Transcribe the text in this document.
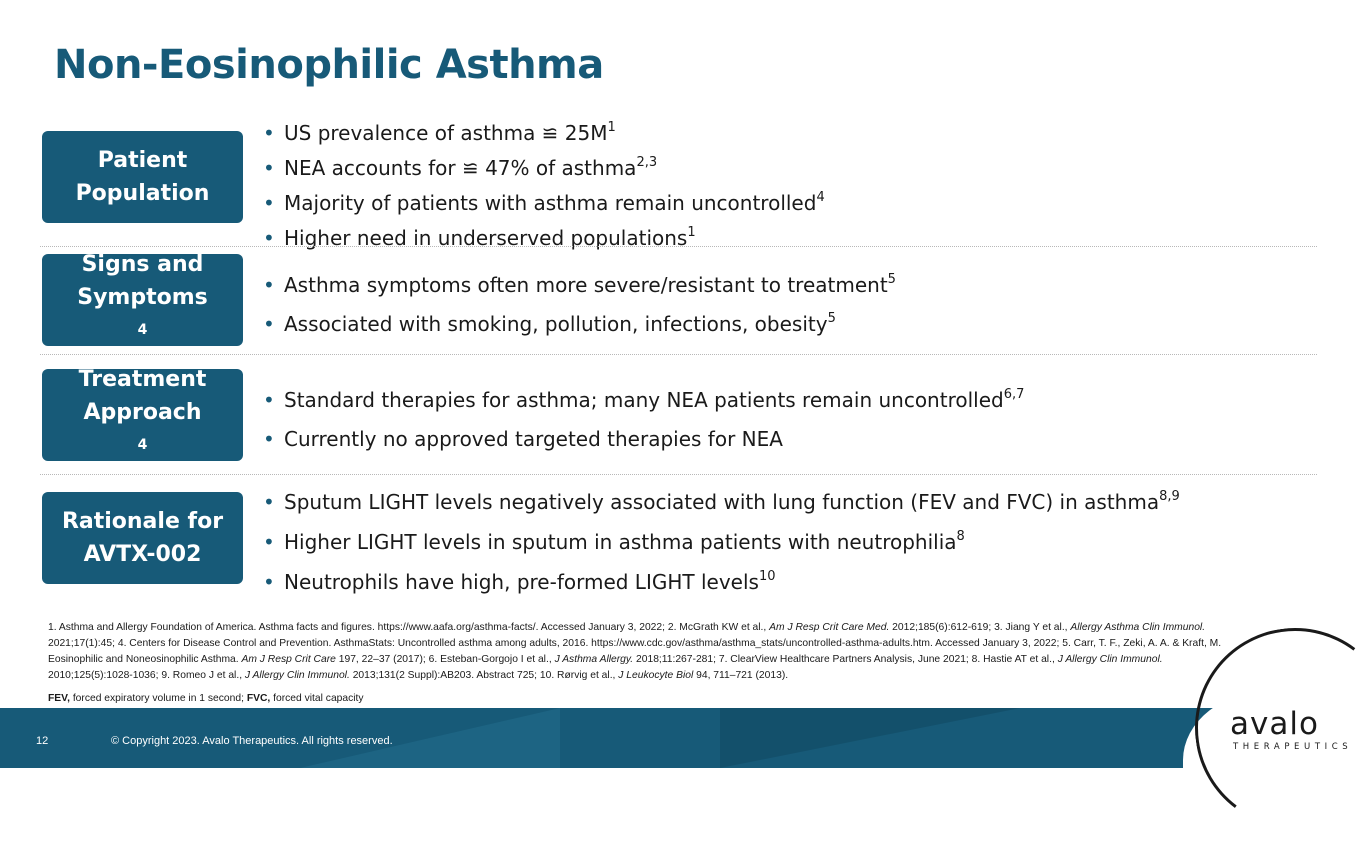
Non-Eosinophilic Asthma
Patient
Population
• US prevalence of asthma ≌ $25M^1$
• NEA accounts for ≌ 47% of asthma$^{2,3}$
• Majority of patients with asthma remain uncontrolled$^4$
• Higher need in underserved populations$^1$
Signs and
Symptoms
$^4$
• Asthma symptoms often more severe/resistant to treatment$^5$
• Associated with smoking, pollution, infections, obesity$^5$
Treatment
Approach
$^4$
• Standard therapies for asthma; many NEA patients remain uncontrolled$^{6,7}$
• Currently no approved targeted therapies for NEA
Rationale for
AVTX-002
• Sputum LIGHT levels negatively associated with lung function (FEV and FVC) in asthma$^{8,9}$
• Higher LIGHT levels in sputum in asthma patients with neutrophilia$^8$
• Neutrophils have high, pre-formed LIGHT levels$^{10}$

1. Asthma and Allergy Foundation of America. Asthma facts and figures. https://www.aafa.org/asthma-facts/. Accessed January 3, 2022; 2. McGrath KW et al., Am J Resp Crit Care Med. 2012;185(6):612-619; 3. Jiang Y et al., Allergy Asthma Clin Immunol. 2021;17(1):45; 4. Centers for Disease Control and Prevention. AsthmaStats: Uncontrolled asthma among adults, 2016. https://www.cdc.gov/asthma/asthma_stats/uncontrolled-asthma-adults.htm. Accessed January 3, 2022; 5. Carr, T. F., Zeki, A. A. & Kraft, M. Eosinophilic and Noneosinophilic Asthma. Am J Resp Crit Care 197, 22–37 (2017); 6. Esteban-Gorgojo I et al., J Asthma Allergy. 2018;11:267-281; 7. ClearView Healthcare Partners Analysis, June 2021; 8. Hastie AT et al., J Allergy Clin Immunol. 2010;125(5):1028-1036; 9. Romeo J et al., J Allergy Clin Immunol. 2013;131(2 Suppl):AB203. Abstract 725; 10. Rørvig et al., J Leukocyte Biol 94, 711–721 (2013).

FEV, forced expiratory volume in 1 second; FVC, forced vital capacity

12	© Copyright 2023. Avalo Therapeutics. All rights reserved.	avalo
THERAPEUTICS
